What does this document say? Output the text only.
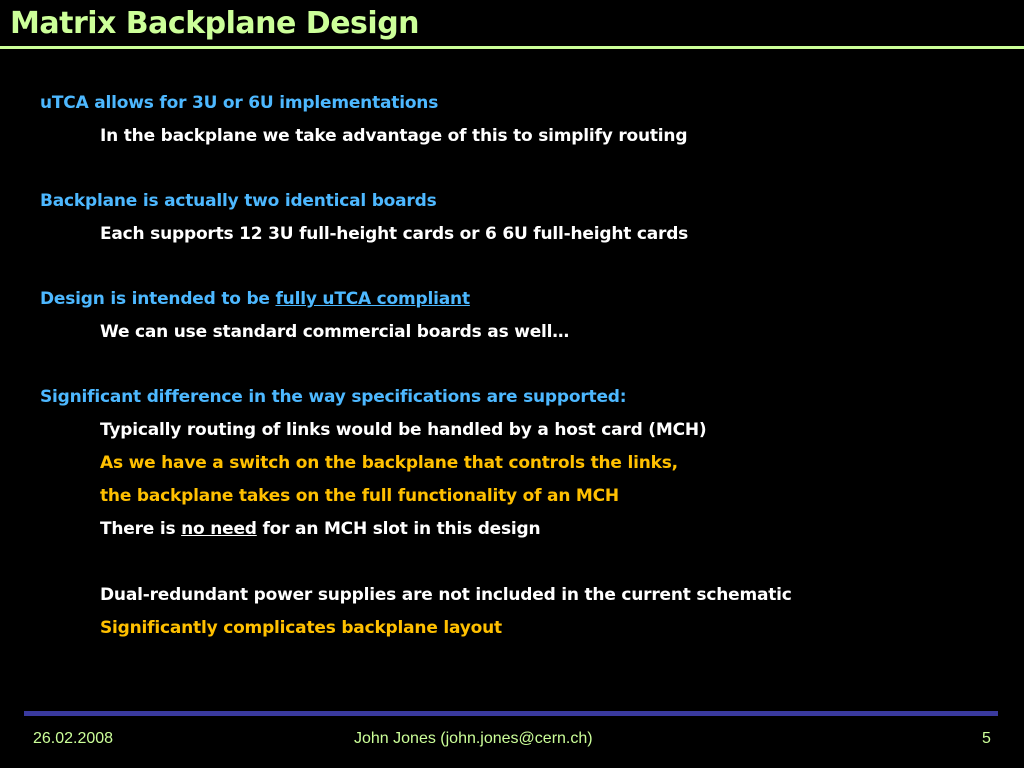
Matrix Backplane Design
uTCA allows for 3U or 6U implementations
In the backplane we take advantage of this to simplify routing
Backplane is actually two identical boards
Each supports 12 3U full-height cards or 6 6U full-height cards
Design is intended to be fully uTCA compliant
We can use standard commercial boards as well…
Significant difference in the way specifications are supported:
Typically routing of links would be handled by a host card (MCH)
As we have a switch on the backplane that controls the links,
the backplane takes on the full functionality of an MCH
There is no need for an MCH slot in this design
Dual-redundant power supplies are not included in the current schematic
Significantly complicates backplane layout
26.02.2008	John Jones (john.jones@cern.ch)	5
